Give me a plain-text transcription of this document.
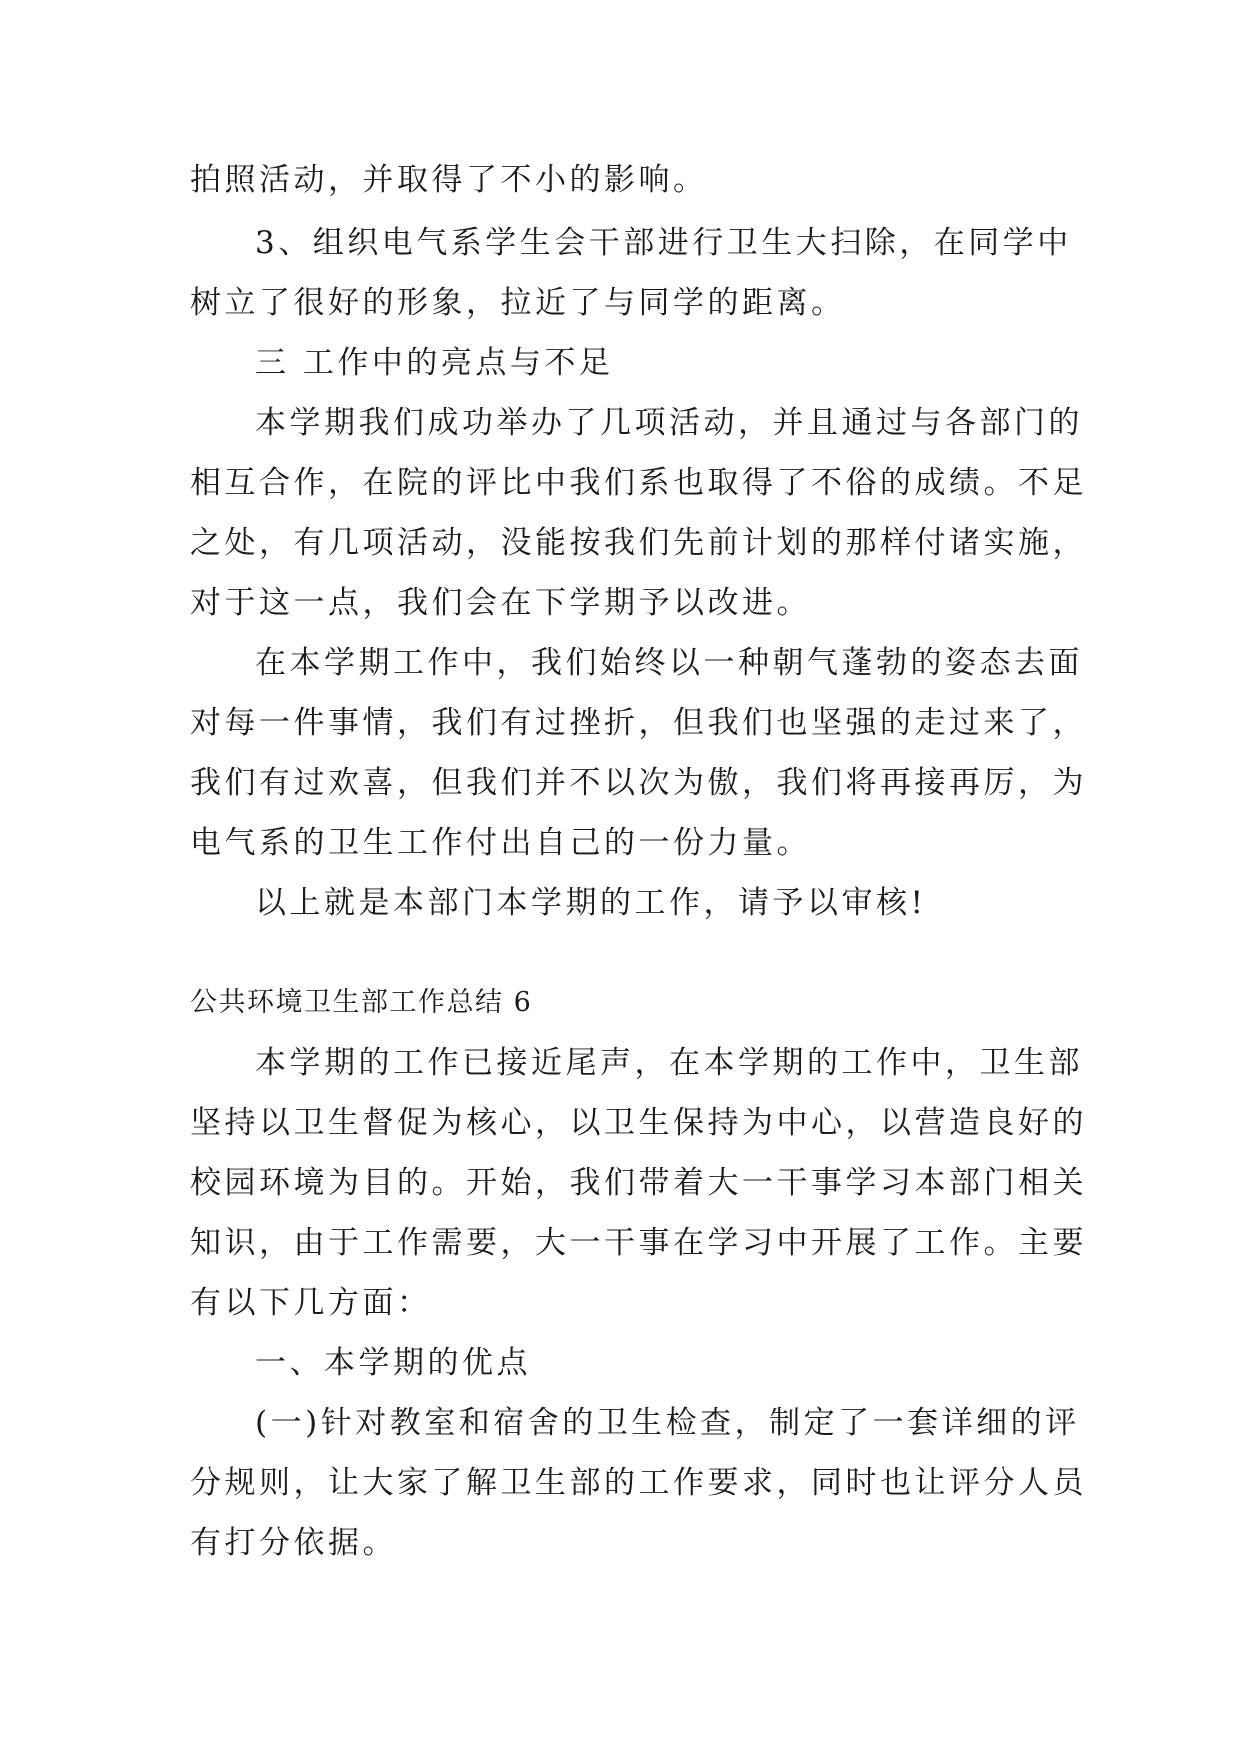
拍照活动，并取得了不小的影响。
3、组织电气系学生会干部进行卫生大扫除，在同学中
树立了很好的形象，拉近了与同学的距离。
三 工作中的亮点与不足
本学期我们成功举办了几项活动，并且通过与各部门的
相互合作，在院的评比中我们系也取得了不俗的成绩。不足
之处，有几项活动，没能按我们先前计划的那样付诸实施，
对于这一点，我们会在下学期予以改进。
在本学期工作中，我们始终以一种朝气蓬勃的姿态去面
对每一件事情，我们有过挫折，但我们也坚强的走过来了，
我们有过欢喜，但我们并不以次为傲，我们将再接再厉，为
电气系的卫生工作付出自己的一份力量。
以上就是本部门本学期的工作，请予以审核!
公共环境卫生部工作总结 6
本学期的工作已接近尾声，在本学期的工作中，卫生部
坚持以卫生督促为核心，以卫生保持为中心，以营造良好的
校园环境为目的。开始，我们带着大一干事学习本部门相关
知识，由于工作需要，大一干事在学习中开展了工作。主要
有以下几方面：
一、本学期的优点
(一)针对教室和宿舍的卫生检查，制定了一套详细的评
分规则，让大家了解卫生部的工作要求，同时也让评分人员
有打分依据。
